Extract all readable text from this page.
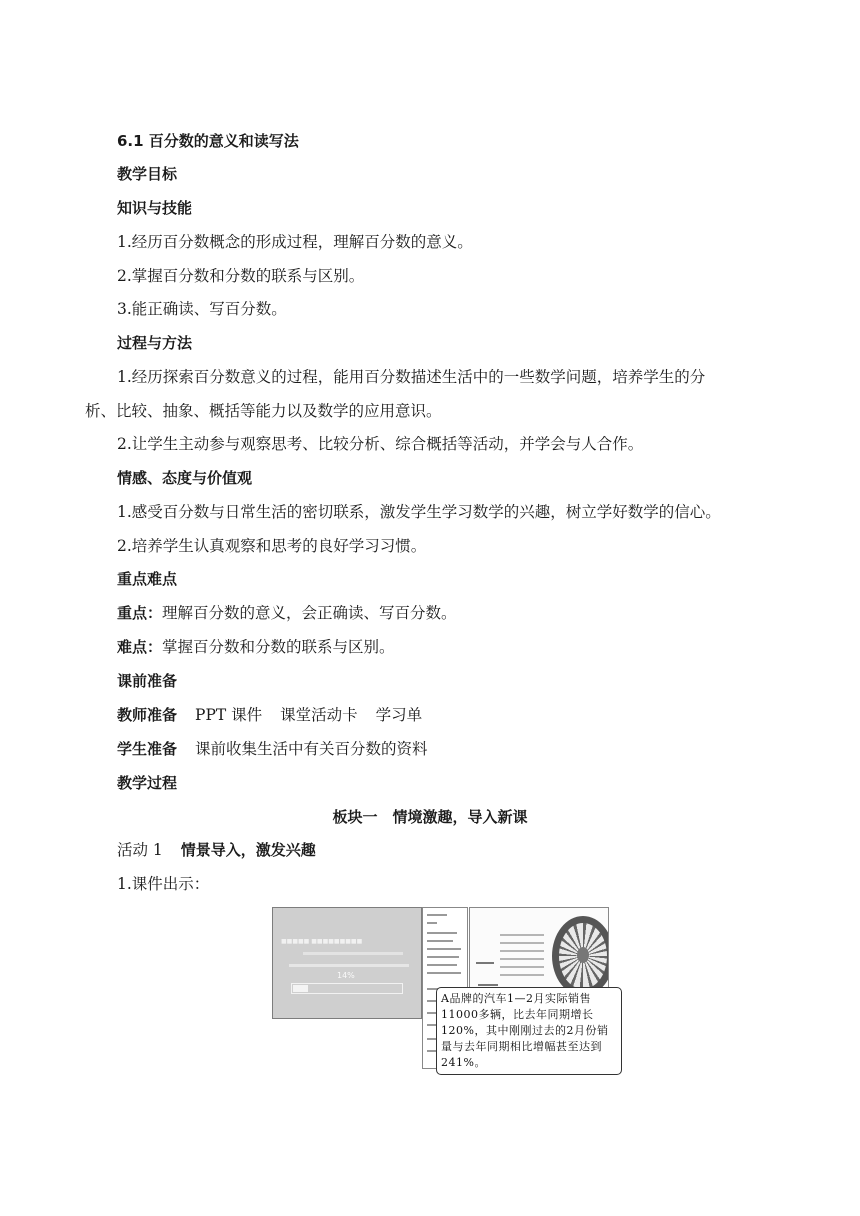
6.1 百分数的意义和读写法
教学目标
知识与技能
1.经历百分数概念的形成过程，理解百分数的意义。
2.掌握百分数和分数的联系与区别。
3.能正确读、写百分数。
过程与方法
1.经历探索百分数意义的过程，能用百分数描述生活中的一些数学问题，培养学生的分
析、比较、抽象、概括等能力以及数学的应用意识。
2.让学生主动参与观察思考、比较分析、综合概括等活动，并学会与人合作。
情感、态度与价值观
1.感受百分数与日常生活的密切联系，激发学生学习数学的兴趣，树立学好数学的信心。
2.培养学生认真观察和思考的良好学习习惯。
重点难点
重点：理解百分数的意义，会正确读、写百分数。
难点：掌握百分数和分数的联系与区别。
课前准备
教师准备 PPT 课件 课堂活动卡 学习单
学生准备 课前收集生活中有关百分数的资料
教学过程
板块一　情境激趣，导入新课
活动 1 情景导入，激发兴趣
1.课件出示：
■■■■■ ■■■■■■■■■
14%
A品牌的汽车1—2月实际销售11000多辆，比去年同期增长120%，其中刚刚过去的2月份销量与去年同期相比增幅甚至达到241%。
